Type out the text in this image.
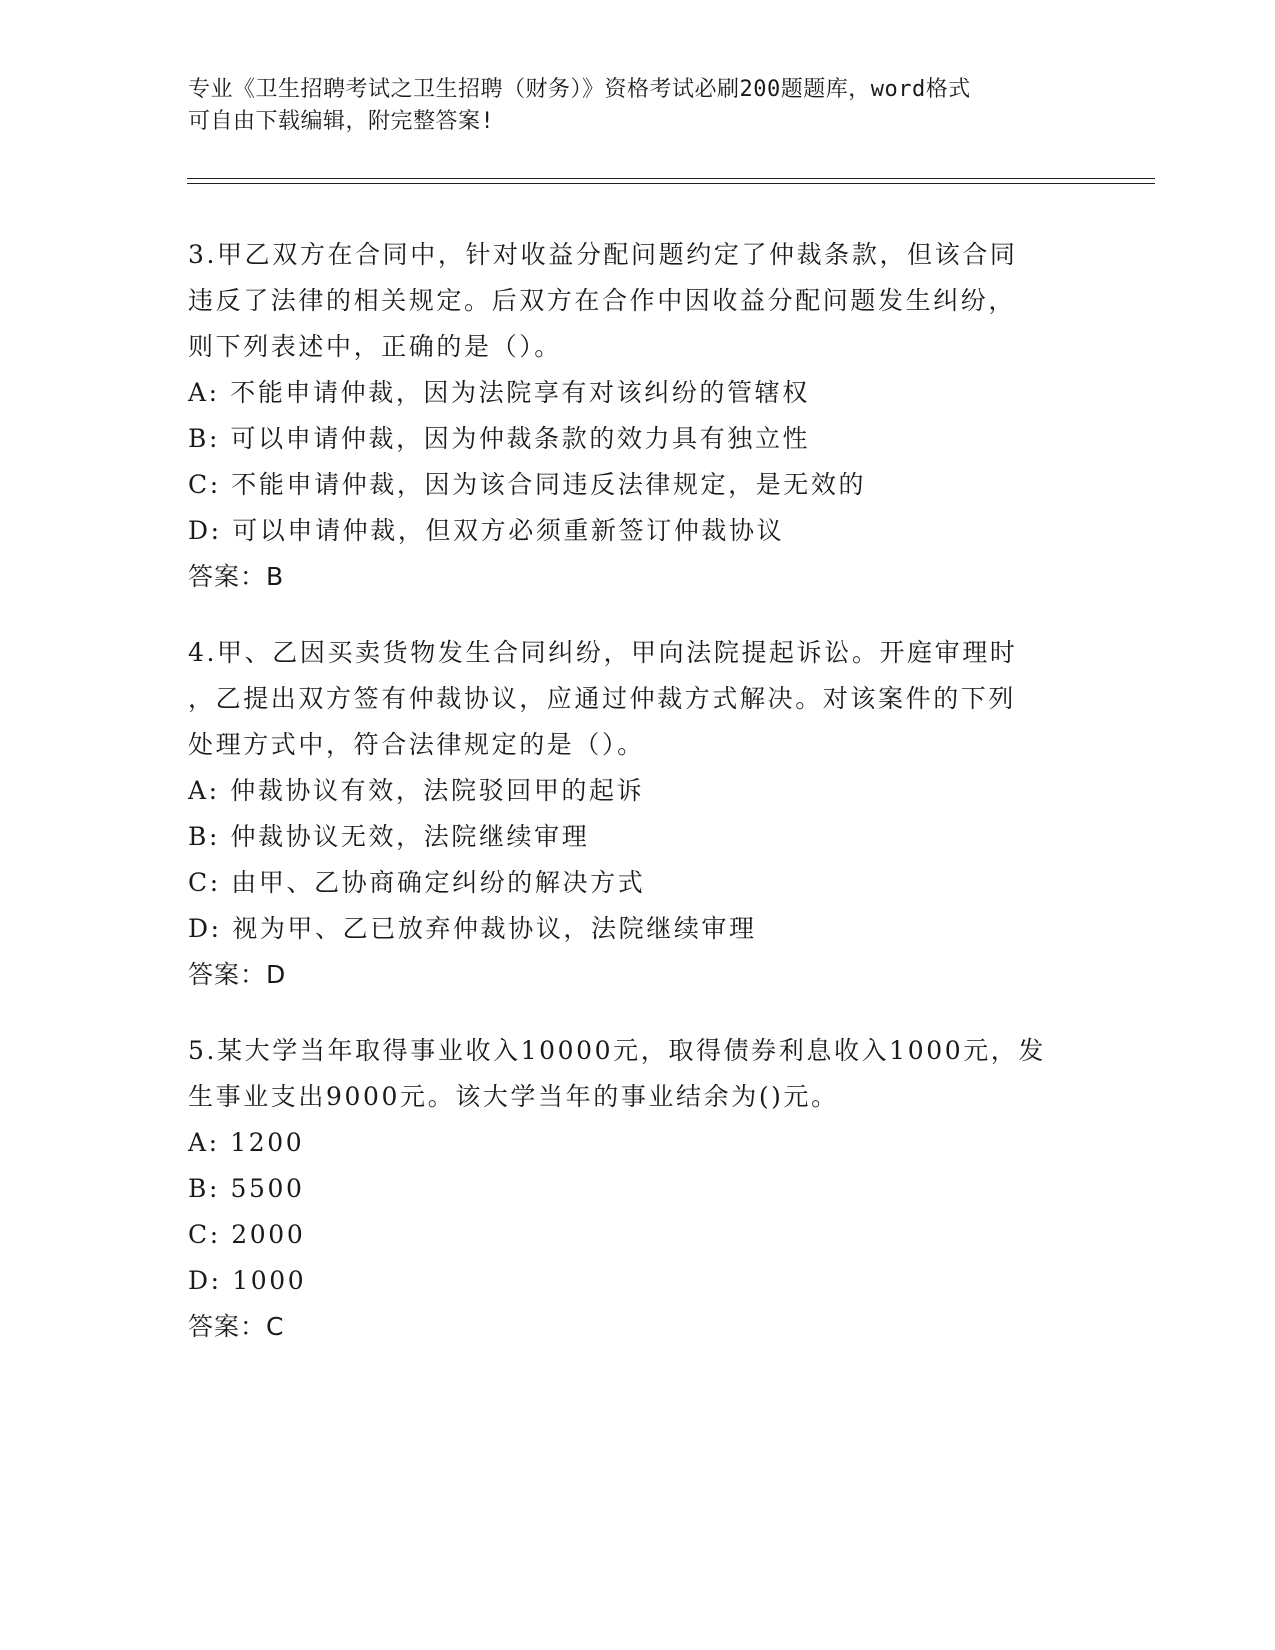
专业《卫生招聘考试之卫生招聘（财务）》资格考试必刷200题题库，word格式
可自由下载编辑，附完整答案!
3.甲乙双方在合同中，针对收益分配问题约定了仲裁条款，但该合同
违反了法律的相关规定。后双方在合作中因收益分配问题发生纠纷，
则下列表述中，正确的是（）。
A: 不能申请仲裁，因为法院享有对该纠纷的管辖权
B: 可以申请仲裁，因为仲裁条款的效力具有独立性
C: 不能申请仲裁，因为该合同违反法律规定，是无效的
D: 可以申请仲裁，但双方必须重新签订仲裁协议
答案：B
4.甲、乙因买卖货物发生合同纠纷，甲向法院提起诉讼。开庭审理时
，乙提出双方签有仲裁协议，应通过仲裁方式解决。对该案件的下列
处理方式中，符合法律规定的是（）。
A: 仲裁协议有效，法院驳回甲的起诉
B: 仲裁协议无效，法院继续审理
C: 由甲、乙协商确定纠纷的解决方式
D: 视为甲、乙已放弃仲裁协议，法院继续审理
答案：D
5.某大学当年取得事业收入10000元，取得债券利息收入1000元，发
生事业支出9000元。该大学当年的事业结余为()元。
A: 1200
B: 5500
C: 2000
D: 1000
答案：C
